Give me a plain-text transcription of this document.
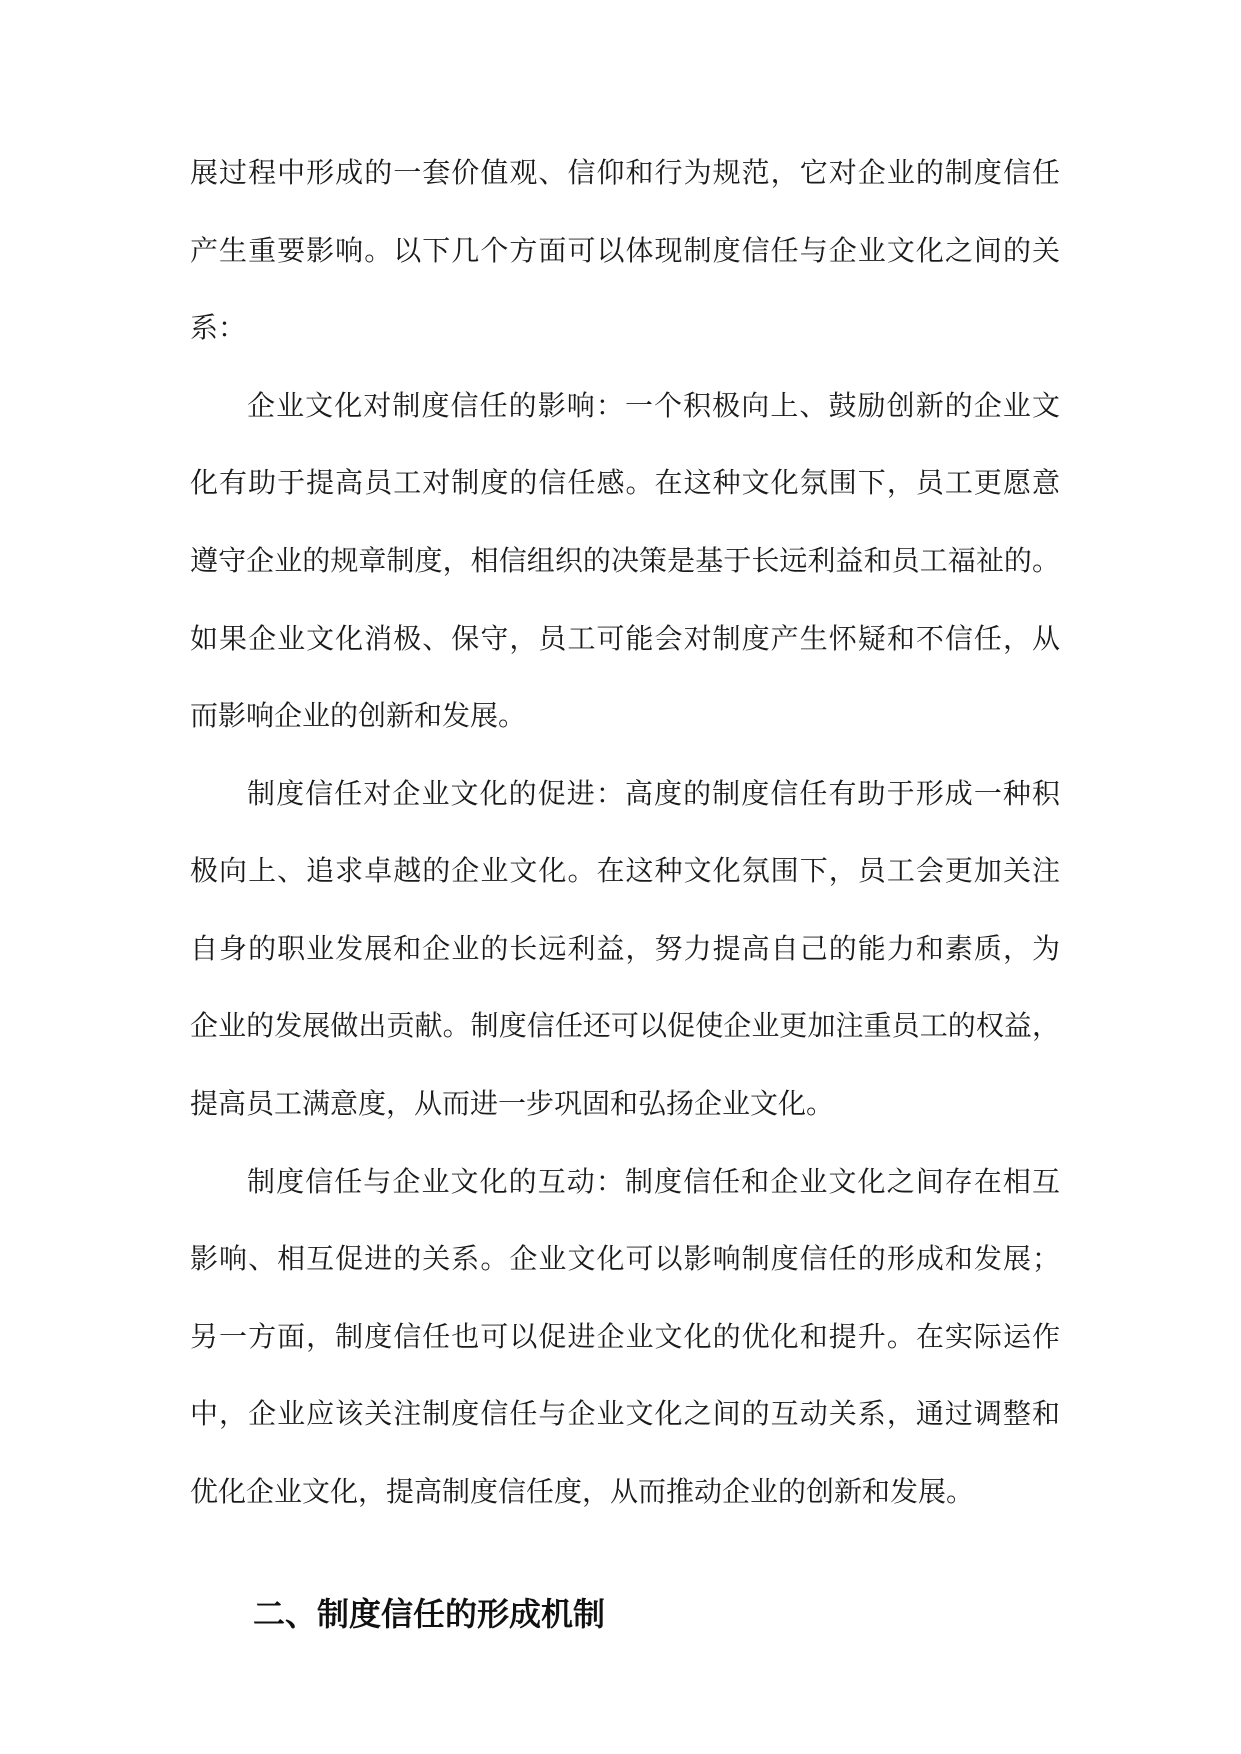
展过程中形成的一套价值观、信仰和行为规范，它对企业的制度信任
产生重要影响。以下几个方面可以体现制度信任与企业文化之间的关
系：
企业文化对制度信任的影响：一个积极向上、鼓励创新的企业文
化有助于提高员工对制度的信任感。在这种文化氛围下，员工更愿意
遵守企业的规章制度，相信组织的决策是基于长远利益和员工福祉的。
如果企业文化消极、保守，员工可能会对制度产生怀疑和不信任，从
而影响企业的创新和发展。
制度信任对企业文化的促进：高度的制度信任有助于形成一种积
极向上、追求卓越的企业文化。在这种文化氛围下，员工会更加关注
自身的职业发展和企业的长远利益，努力提高自己的能力和素质，为
企业的发展做出贡献。制度信任还可以促使企业更加注重员工的权益，
提高员工满意度，从而进一步巩固和弘扬企业文化。
制度信任与企业文化的互动：制度信任和企业文化之间存在相互
影响、相互促进的关系。企业文化可以影响制度信任的形成和发展；
另一方面，制度信任也可以促进企业文化的优化和提升。在实际运作
中，企业应该关注制度信任与企业文化之间的互动关系，通过调整和
优化企业文化，提高制度信任度，从而推动企业的创新和发展。
二、制度信任的形成机制
